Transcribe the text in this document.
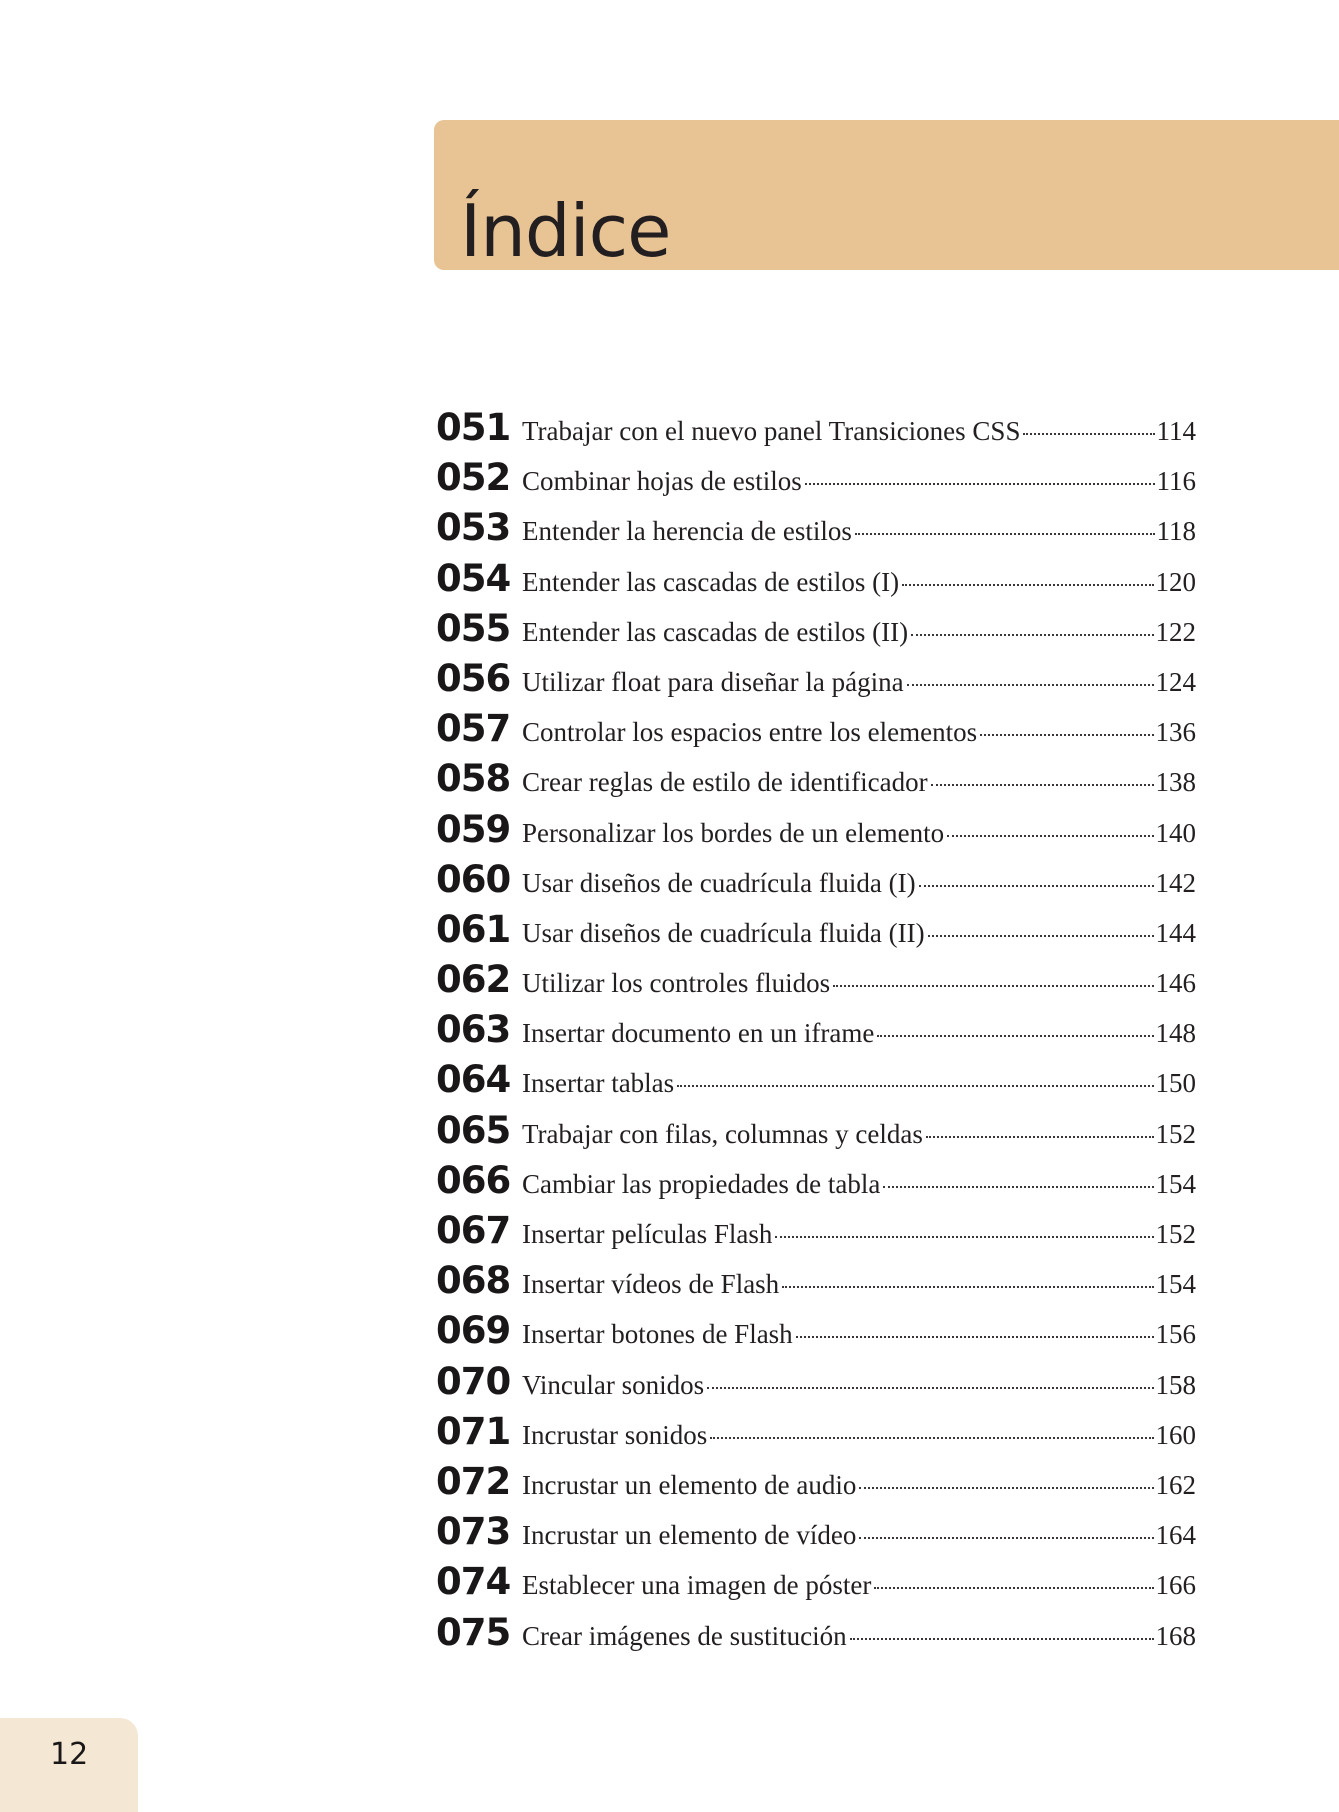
Índice
051 Trabajar con el nuevo panel Transiciones CSS	114
052 Combinar hojas de estilos	116
053 Entender la herencia de estilos	118
054 Entender las cascadas de estilos (I)	120
055 Entender las cascadas de estilos (II)	122
056 Utilizar float para diseñar la página	124
057 Controlar los espacios entre los elementos	136
058 Crear reglas de estilo de identificador	138
059 Personalizar los bordes de un elemento	140
060 Usar diseños de cuadrícula fluida (I)	142
061 Usar diseños de cuadrícula fluida (II)	144
062 Utilizar los controles fluidos	146
063 Insertar documento en un iframe	148
064 Insertar tablas	150
065 Trabajar con filas, columnas y celdas	152
066 Cambiar las propiedades de tabla	154
067 Insertar películas Flash	152
068 Insertar vídeos de Flash	154
069 Insertar botones de Flash	156
070 Vincular sonidos	158
071 Incrustar sonidos	160
072 Incrustar un elemento de audio	162
073 Incrustar un elemento de vídeo	164
074 Establecer una imagen de póster	166
075 Crear imágenes de sustitución	168
12
